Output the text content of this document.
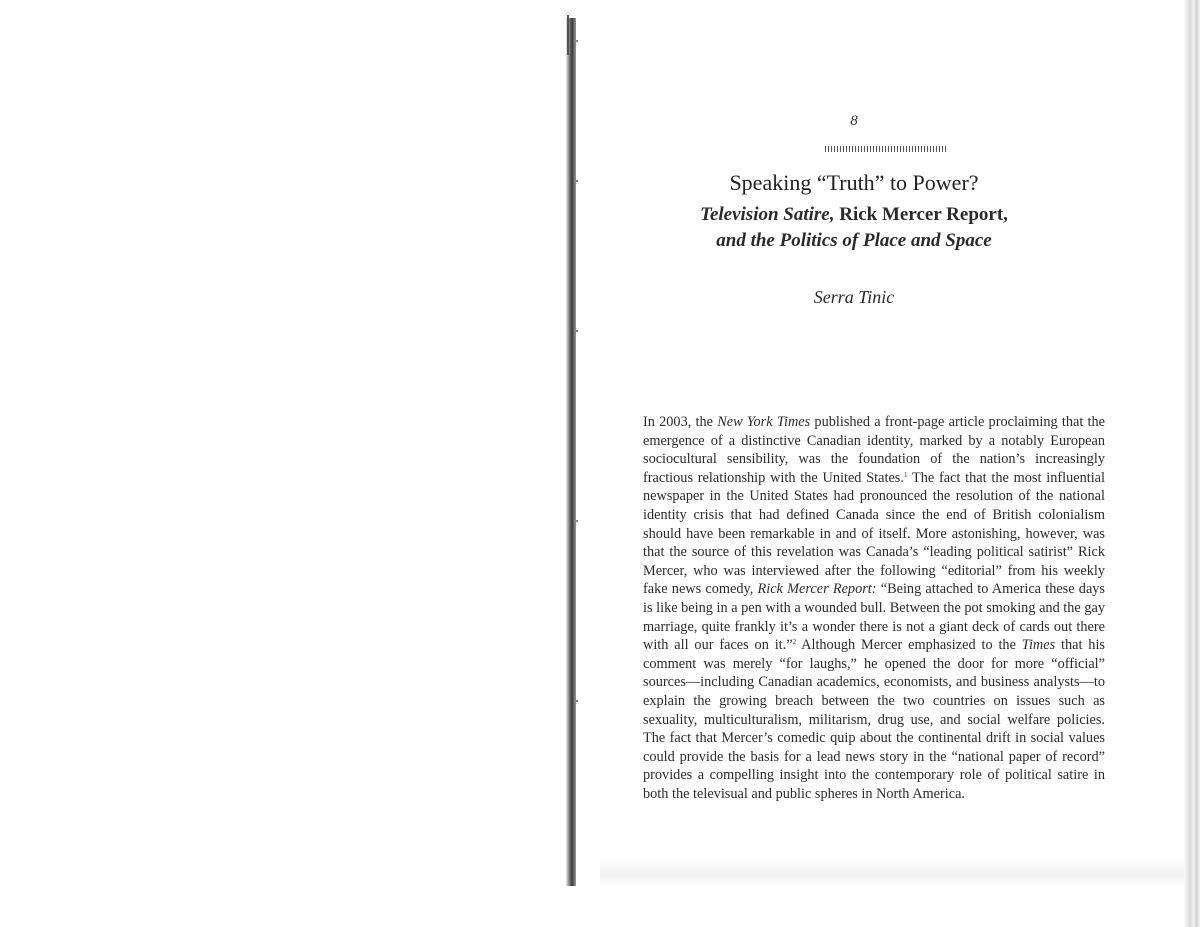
8
Speaking “Truth” to Power?
Television Satire, Rick Mercer Report,
and the Politics of Place and Space
Serra Tinic

In 2003, the New York Times published a front-page article proclaiming that the emergence of a distinctive Canadian identity, marked by a notably European sociocultural sensibility, was the foundation of the nation’s increasingly fractious relationship with the United States.$^1$ The fact that the most influential newspaper in the United States had pronounced the resolution of the national identity crisis that had defined Canada since the end of British colonialism should have been remarkable in and of itself. More astonishing, however, was that the source of this revelation was Canada’s “leading political satirist” Rick Mercer, who was interviewed after the following “editorial” from his weekly fake news comedy, Rick Mercer Report: “Being attached to America these days is like being in a pen with a wounded bull. Between the pot smoking and the gay marriage, quite frankly it’s a wonder there is not a giant deck of cards out there with all our faces on it.”$^2$ Although Mercer emphasized to the Times that his comment was merely “for laughs,” he opened the door for more “official” sources—including Canadian academics, economists, and business analysts—to explain the growing breach between the two countries on issues such as sexuality, multiculturalism, militarism, drug use, and social welfare policies. The fact that Mercer’s comedic quip about the continental drift in social values could provide the basis for a lead news story in the “national paper of record” provides a compelling insight into the contemporary role of political satire in both the televisual and public spheres in North America.
